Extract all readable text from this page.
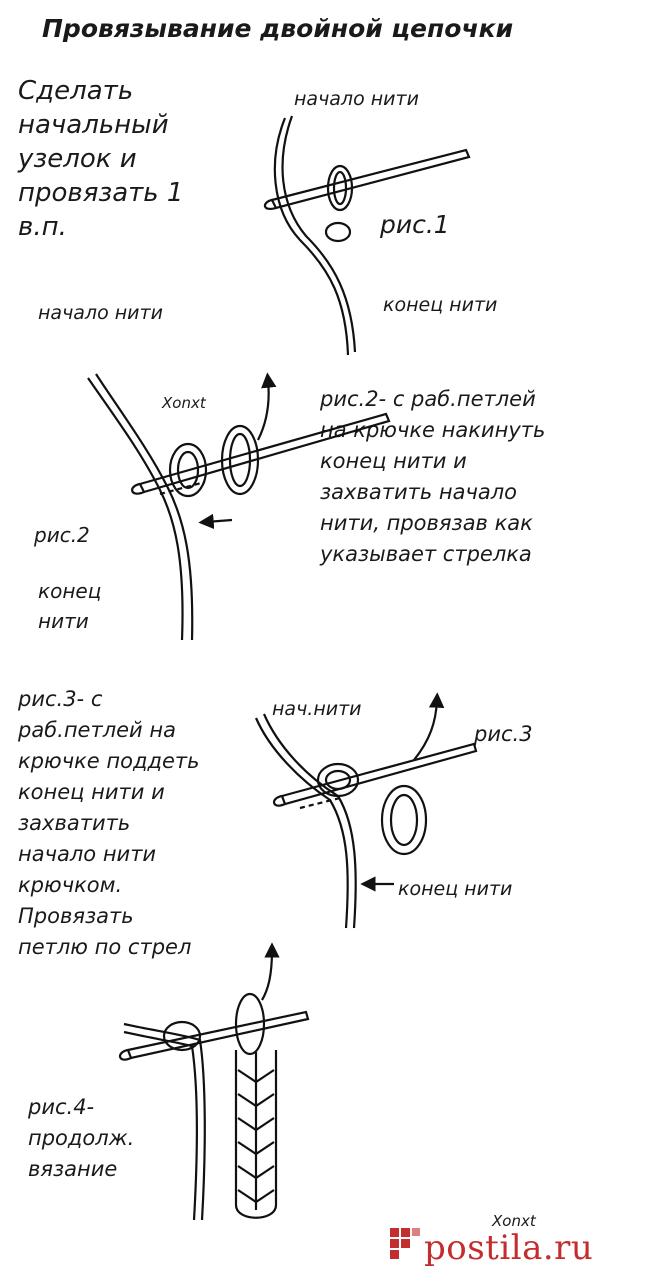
Провязывание двойной цепочки

Сделать
начальный
узелок и
провязать 1
в.п.

начало нити

рис.1

конец нити

начало нити

Xonxt	рис.2- с раб.петлей
на крючке накинуть
конец нити и
захватить начало
нити, провязав как
указывает стрелка

рис.2

конец
нити

рис.3- с
раб.петлей на
крючке поддеть
конец нити и
захватить
начало нити
крючком.
Провязать
петлю по стрел

нач.нити

рис.3

конец нити

рис.4-
продолж.
вязание

Xonxt

postila.ru
